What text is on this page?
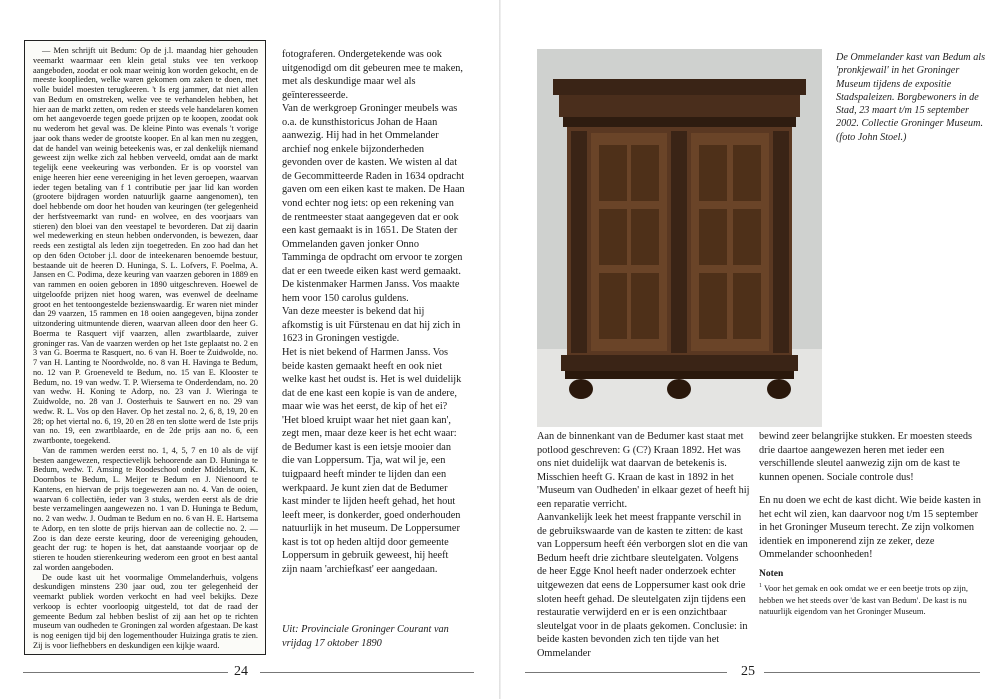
— Men schrijft uit Bedum: Op de j.l. maandag hier gehouden veemarkt waarmaar een klein getal stuks vee ten verkoop aangeboden, zoodat er ook maar weinig kon worden gekocht, en de meeste kooplieden, welke waren gekomen om zaken te doen, met volle buidel moesten terugkeeren. 't Is erg jammer, dat niet allen van Bedum en omstreken, welke vee te verhandelen hebben, het hier aan de markt zetten, om reden er steeds vele handelaren komen om het aangevoerde tegen goede prijzen op te koopen, zoodat ook nu wederom het geval was. De kleine Pinto was evenals 't vorige jaar ook thans weder de grootste kooper. En al kan men nu zeggen, dat de handel van weinig beteekenis was, er zal denkelijk niemand geweest zijn welke zich zal hebben verveeld, omdat aan de markt tegelijk eene veekeuring was verbonden. Er is op voorstel van enige heeren hier eene vereeniging in het leven geroepen, waarvan ieder tegen betaling van f 1 contributie per jaar lid kan worden (grootere bijdragen worden natuurlijk gaarne aangenomen), ten doel hebbende om door het houden van keuringen (ter gelegenheid der herfstveemarkt van rund- en wolvee, en des voorjaars van stieren) den bloei van den veestapel te bevorderen. Dat zij daarin wel medewerking en steun hebben ondervonden, is bewezen, daar reeds een zestigtal als leden zijn toegetreden. En zoo had dan het op den 6den October j.l. door de inteekenaren benoemde bestuur, bestaande uit de heeren D. Huninga, S. L. Lofvers, F. Poelma, A. Jansen en C. Podima, deze keuring van vaarzen geboren in 1889 en van rammen en ooien geboren in 1890 uitgeschreven. Hoewel de uitgeloofde prijzen niet hoog waren, was evenwel de deelname groot en het tentoongestelde bezienswaardig. Er waren niet minder dan 29 vaarzen, 15 rammen en 18 ooien aangegeven, bijna zonder uitzondering uitmuntende dieren, waarvan alleen door den heer G. Boerma te Rasquert vijf vaarzen, allen zwartblaarde, zuiver groninger ras. Van de vaarzen werden op het 1ste geplaatst no. 2 en 3 van G. Boerma te Rasquert, no. 6 van H. Boer te Zuidwolde, no. 7 van H. Lanting te Noordwolde, no. 8 van H. Havinga te Bedum, no. 12 van P. Groeneveld te Bedum, no. 15 van E. Klooster te Bedum, no. 19 van wedw. T. P. Wiersema te Onderdendam, no. 20 van wedw. H. Koning te Adorp, no. 23 van J. Wieringa te Zuidwolde, no. 28 van J. Oosterhuis te Sauwert en no. 29 van wedw. R. L. Vos op den Haver. Op het zestal no. 2, 6, 8, 19, 20 en 28; op het viertal no. 6, 19, 20 en 28 en ten slotte werd de 1ste prijs van no. 19, een zwartblaarde, en de 2de prijs aan no. 6, een zwartbonte, toegekend.

Van de rammen werden eerst no. 1, 4, 5, 7 en 10 als de vijf besten aangewezen, respectievelijk behoorende aan D. Huninga te Bedum, wedw. T. Amsing te Roodeschool onder Middelstum, K. Doornbos te Bedum, L. Meijer te Bedum en J. Nienoord te Kantens, en hiervan de prijs toegewezen aan no. 4. Van de ooien, waarvan 6 collectiën, ieder van 3 stuks, werden eerst als de drie beste verzamelingen aangewezen no. 1 van D. Huninga te Bedum, no. 2 van wedw. J. Oudman te Bedum en no. 6 van H. E. Hartsema te Adorp, en ten slotte de prijs hiervan aan de collectie no. 2. — Zoo is dan deze eerste keuring, door de vereeniging gehouden, geacht der rug: te hopen is het, dat aanstaande voorjaar op de stieren te houden stierenkeuring wederom een groot en best aantal zal worden aangeboden.

De oude kast uit het voormalige Ommelanderhuis, volgens deskundigen minstens 230 jaar oud, zou ter gelegenheid der veemarkt publiek worden verkocht en had veel bekijks. Deze verkoop is echter voorloopig uitgesteld, tot dat de raad der gemeente Bedum zal hebben beslist of zij aan het op te richten museum van oudheden te Groningen zal worden afgestaan. De kast is nog eenigen tijd bij den logementhouder Huizinga gratis te zien. Zij is voor liefhebbers en deskundigen een kijkje waard.

fotograferen. Ondergetekende was ook uitgenodigd om dit gebeuren mee te maken, met als deskundige maar wel als geïnteresseerde.

Van de werkgroep Groninger meubels was o.a. de kunsthistoricus Johan de Haan aanwezig. Hij had in het Ommelander archief nog enkele bijzonderheden gevonden over de kasten. We wisten al dat de Gecommitteerde Raden in 1634 opdracht gaven om een eiken kast te maken. De Haan vond echter nog iets: op een rekening van de rentmeester staat aangegeven dat er ook een kast gemaakt is in 1651. De Staten der Ommelanden gaven jonker Onno Tamminga de opdracht om ervoor te zorgen dat er een tweede eiken kast werd gemaakt. De kistenmaker Harmen Janss. Vos maakte hem voor 150 carolus guldens.

Van deze meester is bekend dat hij afkomstig is uit Fürstenau en dat hij zich in 1623 in Groningen vestigde.

Het is niet bekend of Harmen Janss. Vos beide kasten gemaakt heeft en ook niet welke kast het oudst is. Het is wel duidelijk dat de ene kast een kopie is van de andere, maar wie was het eerst, de kip of het ei?

'Het bloed kruipt waar het niet gaan kan', zegt men, maar deze keer is het echt waar: de Bedumer kast is een ietsje mooier dan die van Loppersum. Tja, wat wil je, een tuigpaard heeft minder te lijden dan een werkpaard. Je kunt zien dat de Bedumer kast minder te lijden heeft gehad, het hout leeft meer, is donkerder, goed onderhouden natuurlijk in het museum. De Loppersumer kast is tot op heden altijd door gemeente Loppersum in gebruik geweest, hij heeft zijn naam 'archiefkast' eer aangedaan.

Uit: Provinciale Groninger Courant van vrijdag 17 oktober 1890
24
De Ommelander kast van Bedum als 'pronkjewail' in het Groninger Museum tijdens de expositie Stadspaleizen. Borgbewoners in de Stad, 23 maart t/m 15 september 2002. Collectie Groninger Museum. (foto John Stoel.)

Aan de binnenkant van de Bedumer kast staat met potlood geschreven: G (C?) Kraan 1892. Het was ons niet duidelijk wat daarvan de betekenis is. Misschien heeft G. Kraan de kast in 1892 in het 'Museum van Oudheden' in elkaar gezet of heeft hij een reparatie verricht.

Aanvankelijk leek het meest frappante verschil in de gebruikswaarde van de kasten te zitten: de kast van Loppersum heeft één verborgen slot en die van Bedum heeft drie zichtbare sleutelgaten. Volgens de heer Egge Knol heeft nader onderzoek echter uitgewezen dat eens de Loppersumer kast ook drie sloten heeft gehad. De sleutelgaten zijn tijdens een restauratie verwijderd en er is een onzichtbaar sleutelgat voor in de plaats gekomen. Conclusie: in beide kasten bevonden zich ten tijde van het Ommelander

bewind zeer belangrijke stukken. Er moesten steeds drie daartoe aangewezen heren met ieder een verschillende sleutel aanwezig zijn om de kast te kunnen openen. Sociale controle dus!

En nu doen we echt de kast dicht. Wie beide kasten in het echt wil zien, kan daarvoor nog t/m 15 september in het Groninger Museum terecht. Ze zijn volkomen identiek en imponerend zijn ze zeker, deze Ommelander schoonheden!

Noten

$^1$ Voor het gemak en ook omdat we er een beetje trots op zijn, hebben we het steeds over 'de kast van Bedum'. De kast is nu natuurlijk eigendom van het Groninger Museum.

25
